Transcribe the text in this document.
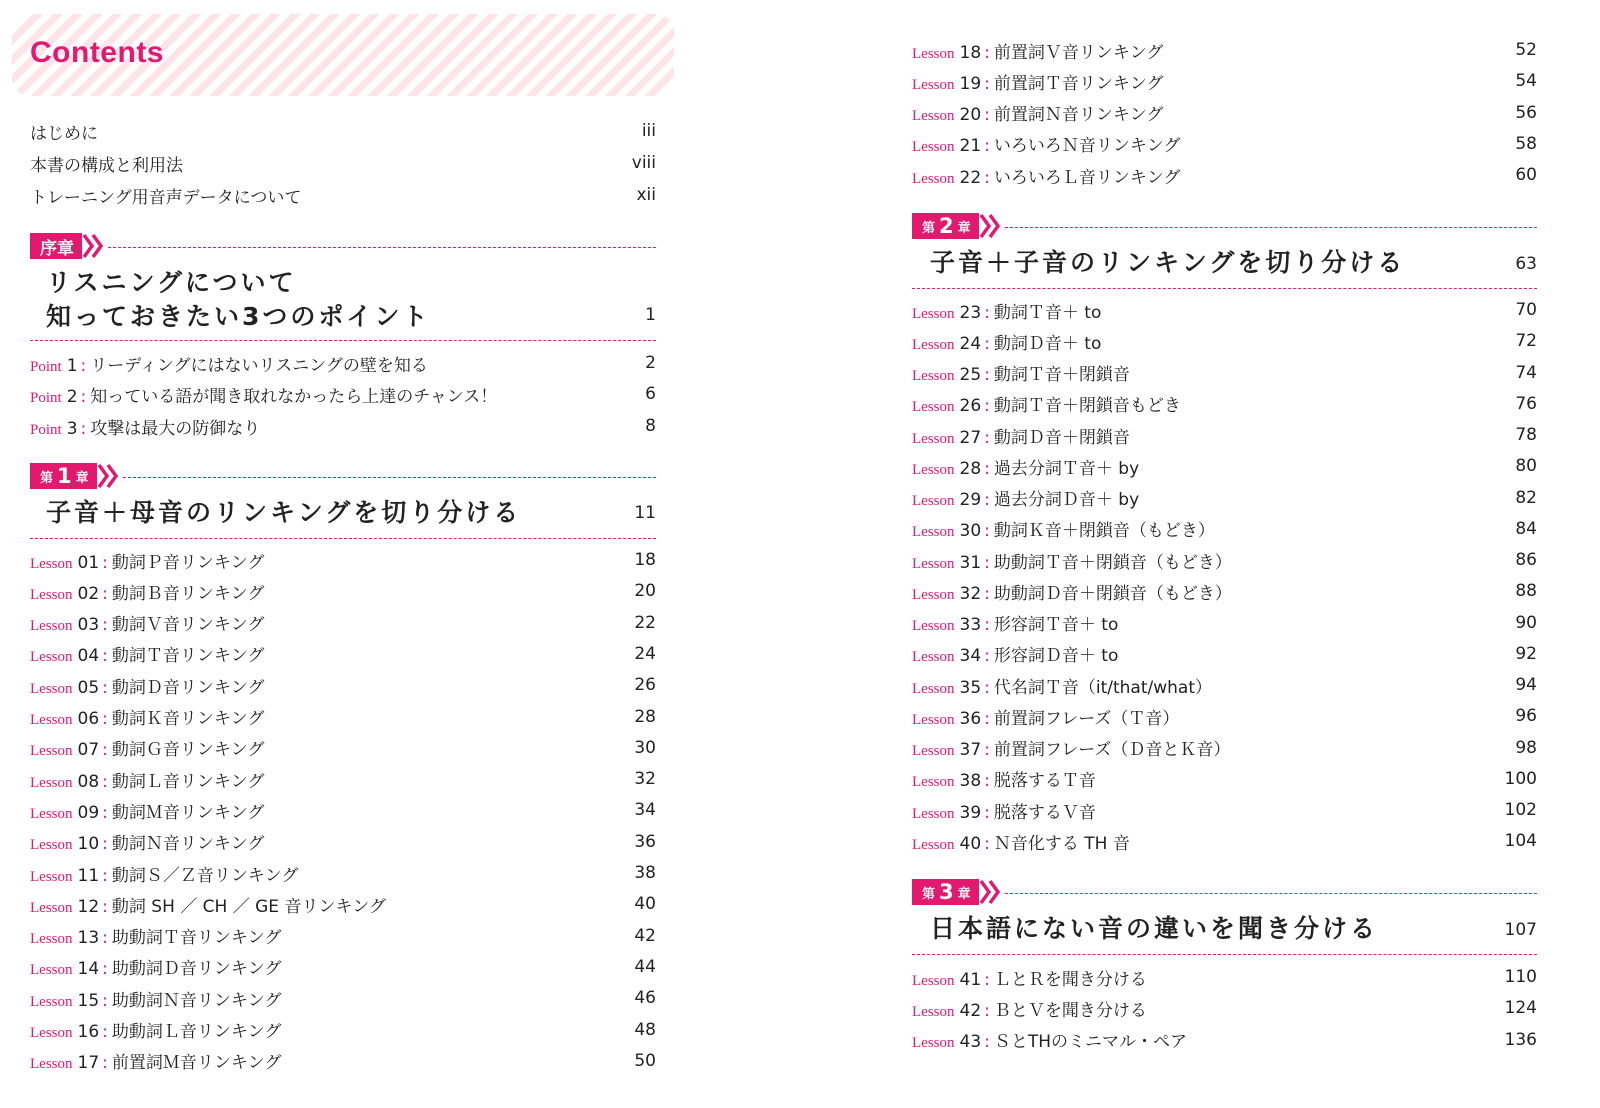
Contents
はじめに	iii
本書の構成と利用法	viii
トレーニング用音声データについて	xii
序章
リスニングについて
知っておきたい3つのポイント	1
Point 1 : リーディングにはないリスニングの壁を知る	2
Point 2 : 知っている語が聞き取れなかったら上達のチャンス！	6
Point 3 : 攻撃は最大の防御なり	8
第 1 章
子音＋母音のリンキングを切り分ける	11
Lesson 01 : 動詞Ｐ音リンキング	18
Lesson 02 : 動詞Ｂ音リンキング	20
Lesson 03 : 動詞Ｖ音リンキング	22
Lesson 04 : 動詞Ｔ音リンキング	24
Lesson 05 : 動詞Ｄ音リンキング	26
Lesson 06 : 動詞Ｋ音リンキング	28
Lesson 07 : 動詞Ｇ音リンキング	30
Lesson 08 : 動詞Ｌ音リンキング	32
Lesson 09 : 動詞Ｍ音リンキング	34
Lesson 10 : 動詞Ｎ音リンキング	36
Lesson 11 : 動詞Ｓ／Ｚ音リンキング	38
Lesson 12 : 動詞 SH ／ CH ／ GE 音リンキング	40
Lesson 13 : 助動詞Ｔ音リンキング	42
Lesson 14 : 助動詞Ｄ音リンキング	44
Lesson 15 : 助動詞Ｎ音リンキング	46
Lesson 16 : 助動詞Ｌ音リンキング	48
Lesson 17 : 前置詞Ｍ音リンキング	50
Lesson 18 : 前置詞Ｖ音リンキング	52
Lesson 19 : 前置詞Ｔ音リンキング	54
Lesson 20 : 前置詞Ｎ音リンキング	56
Lesson 21 : いろいろＮ音リンキング	58
Lesson 22 : いろいろＬ音リンキング	60
第 2 章
子音＋子音のリンキングを切り分ける	63
Lesson 23 : 動詞Ｔ音＋ to	70
Lesson 24 : 動詞Ｄ音＋ to	72
Lesson 25 : 動詞Ｔ音＋閉鎖音	74
Lesson 26 : 動詞Ｔ音＋閉鎖音もどき	76
Lesson 27 : 動詞Ｄ音＋閉鎖音	78
Lesson 28 : 過去分詞Ｔ音＋ by	80
Lesson 29 : 過去分詞Ｄ音＋ by	82
Lesson 30 : 動詞Ｋ音＋閉鎖音（もどき）	84
Lesson 31 : 助動詞Ｔ音＋閉鎖音（もどき）	86
Lesson 32 : 助動詞Ｄ音＋閉鎖音（もどき）	88
Lesson 33 : 形容詞Ｔ音＋ to	90
Lesson 34 : 形容詞Ｄ音＋ to	92
Lesson 35 : 代名詞Ｔ音（it/that/what）	94
Lesson 36 : 前置詞フレーズ（Ｔ音）	96
Lesson 37 : 前置詞フレーズ（Ｄ音とＫ音）	98
Lesson 38 : 脱落するＴ音	100
Lesson 39 : 脱落するＶ音	102
Lesson 40 : Ｎ音化する TH 音	104
第 3 章
日本語にない音の違いを聞き分ける	107
Lesson 41 : ＬとＲを聞き分ける	110
Lesson 42 : ＢとＶを聞き分ける	124
Lesson 43 : ＳとTHのミニマル・ペア	136
